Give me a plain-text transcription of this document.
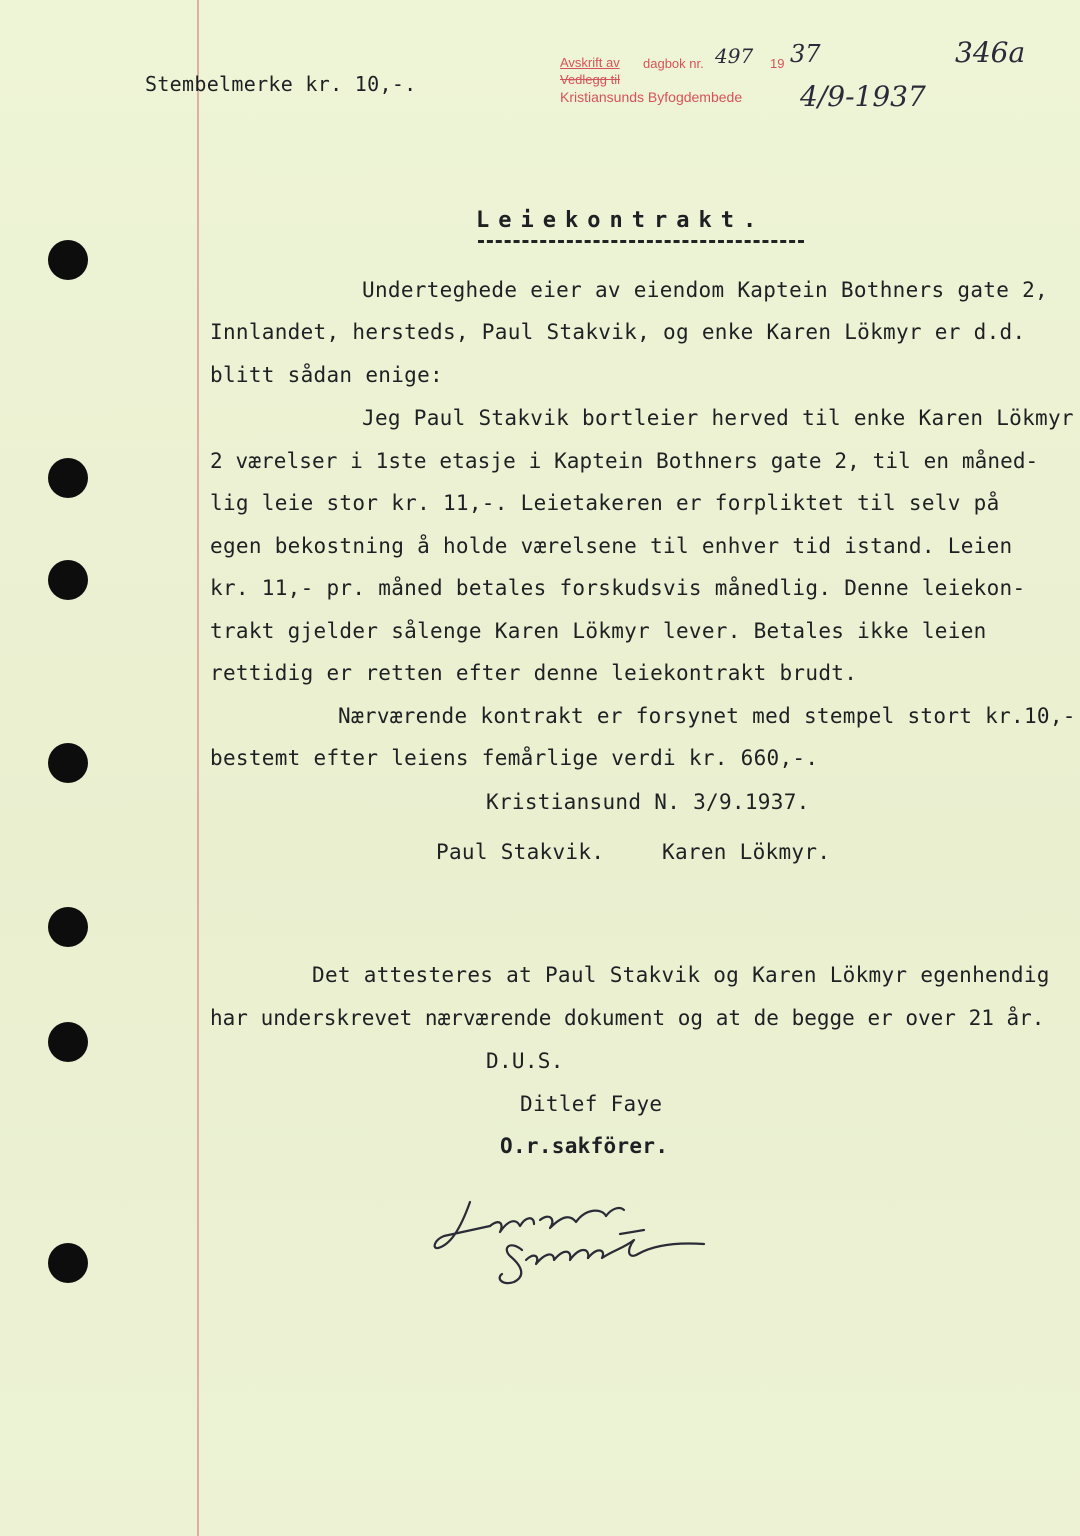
Stembelmerke kr. 10,-.
Avskrift av dagbok nr. 497 19 37
Vedlegg til
Kristiansunds Byfogdembede 4/9-1937
346a
Leiekontrakt.
Underteghede eier av eiendom Kaptein Bothners gate 2,
Innlandet, hersteds, Paul Stakvik, og enke Karen Lökmyr er d.d.
blitt sådan enige:
Jeg Paul Stakvik bortleier herved til enke Karen Lökmyr
2 værelser i 1ste etasje i Kaptein Bothners gate 2, til en måned-
lig leie stor kr. 11,-. Leietakeren er forpliktet til selv på
egen bekostning å holde værelsene til enhver tid istand. Leien
kr. 11,- pr. måned betales forskudsvis månedlig. Denne leiekon-
trakt gjelder sålenge Karen Lökmyr lever. Betales ikke leien
rettidig er retten efter denne leiekontrakt brudt.
Nærværende kontrakt er forsynet med stempel stort kr.10,-
bestemt efter leiens femårlige verdi kr. 660,-.
Kristiansund N. 3/9.1937.
Paul Stakvik.	Karen Lökmyr.
Det attesteres at Paul Stakvik og Karen Lökmyr egenhendig
har underskrevet nærværende dokument og at de begge er over 21 år.
D.U.S.
Ditlef Faye
O.r.sakförer.
